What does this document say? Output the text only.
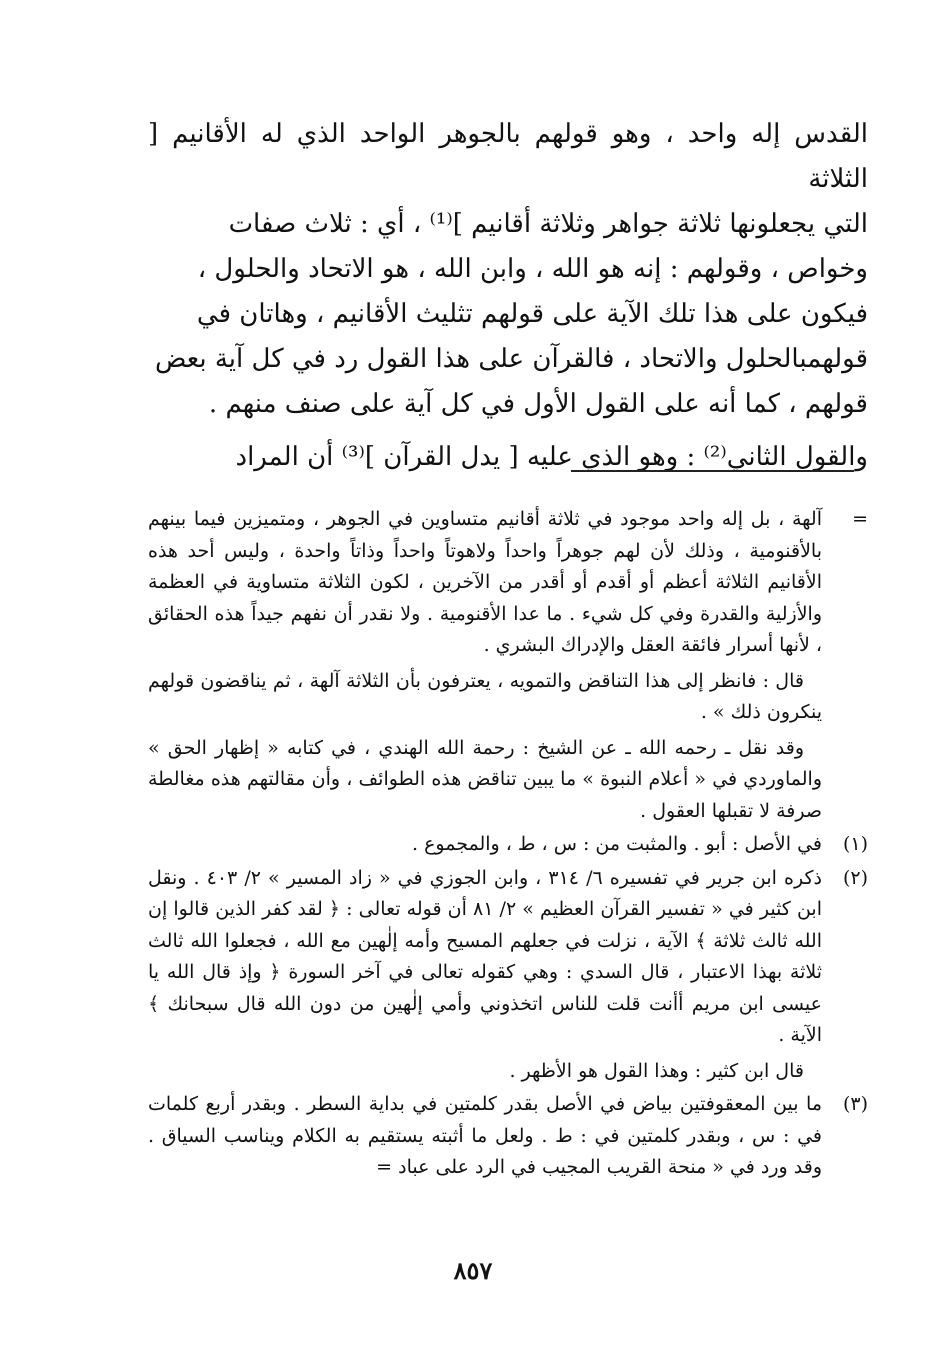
القدس إله واحد ، وهو قولهم بالجوهر الواحد الذي له الأقانيم [ الثلاثة

التي يجعلونها ثلاثة جواهر وثلاثة أقانيم ]⁽¹⁾ ، أي : ثلاث صفات

وخواص ، وقولهم : إنه هو الله ، وابن الله ، هو الاتحاد والحلول ،

فيكون على هذا تلك الآية على قولهم تثليث الأقانيم ، وهاتان في

قولهمبالحلول والاتحاد ، فالقرآن على هذا القول رد في كل آية بعض

قولهم ، كما أنه على القول الأول في كل آية على صنف منهم .

والقول الثاني⁽²⁾ : وهو الذي عليه [ يدل القرآن ]⁽³⁾ أن المراد

=

آلهة ، بل إله واحد موجود في ثلاثة أقانيم متساوين في الجوهر ، ومتميزين فيما بينهم بالأقنومية ، وذلك لأن لهم جوهراً واحداً ولاهوتاً واحداً وذاتاً واحدة ، وليس أحد هذه الأقانيم الثلاثة أعظم أو أقدم أو أقدر من الآخرين ، لكون الثلاثة متساوية في العظمة والأزلية والقدرة وفي كل شيء . ما عدا الأقنومية . ولا نقدر أن نفهم جيداً هذه الحقائق ، لأنها أسرار فائقة العقل والإدراك البشري .

قال : فانظر إلى هذا التناقض والتمويه ، يعترفون بأن الثلاثة آلهة ، ثم يناقضون قولهم ينكرون ذلك » .

وقد نقل ـ رحمه الله ـ عن الشيخ : رحمة الله الهندي ، في كتابه « إظهار الحق » والماوردي في « أعلام النبوة » ما يبين تناقض هذه الطوائف ، وأن مقالتهم هذه مغالطة صرفة لا تقبلها العقول .

(١)

في الأصل : أبو . والمثبت من : س ، ط ، والمجموع .

(٢)

ذكره ابن جرير في تفسيره ٦/ ٣١٤ ، وابن الجوزي في « زاد المسير » ٢/ ٤٠٣ . ونقل ابن كثير في « تفسير القرآن العظيم » ٢/ ٨١ أن قوله تعالى : ﴿ لقد كفر الذين قالوا إن الله ثالث ثلاثة ﴾ الآية ، نزلت في جعلهم المسيح وأمه إلٰهين مع الله ، فجعلوا الله ثالث ثلاثة بهذا الاعتبار ، قال السدي : وهي كقوله تعالى في آخر السورة ﴿ وإذ قال الله يا عيسى ابن مريم أأنت قلت للناس اتخذوني وأمي إلٰهين من دون الله قال سبحانك ﴾ الآية .

قال ابن كثير : وهذا القول هو الأظهر .

(٣)

ما بين المعقوفتين بياض في الأصل بقدر كلمتين في بداية السطر . وبقدر أربع كلمات في : س ، وبقدر كلمتين في : ط . ولعل ما أثبته يستقيم به الكلام ويناسب السياق . وقد ورد في « منحة القريب المجيب في الرد على عباد =

٨٥٧
